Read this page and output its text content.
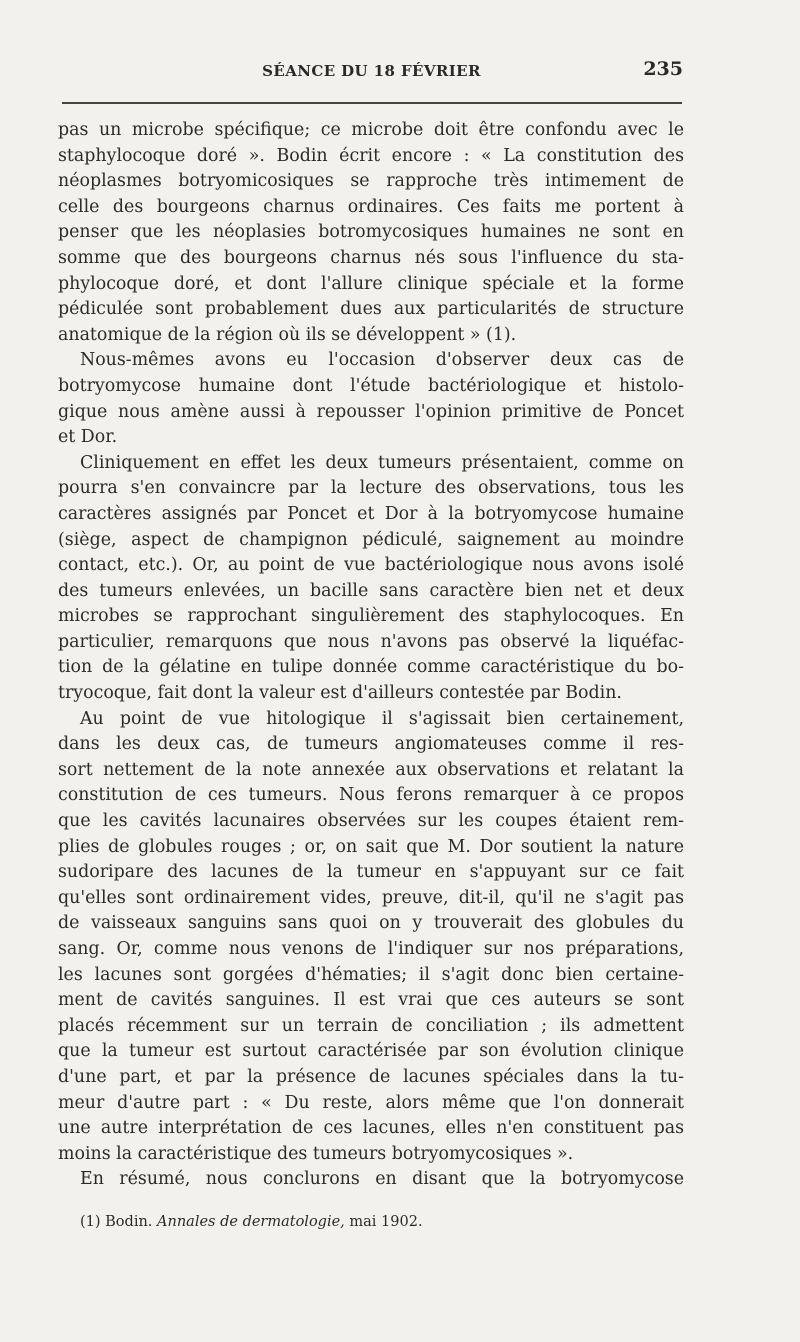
SÉANCE DU 18 FÉVRIER	235
pas un microbe spécifique; ce microbe doit être confondu avec le
staphylocoque doré ». Bodin écrit encore : « La constitution des
néoplasmes botryomicosiques se rapproche très intimement de
celle des bourgeons charnus ordinaires. Ces faits me portent à
penser que les néoplasies botromycosiques humaines ne sont en
somme que des bourgeons charnus nés sous l'influence du sta-
phylocoque doré, et dont l'allure clinique spéciale et la forme
pédiculée sont probablement dues aux particularités de structure
anatomique de la région où ils se développent » (1).
Nous-mêmes avons eu l'occasion d'observer deux cas de
botryomycose humaine dont l'étude bactériologique et histolo-
gique nous amène aussi à repousser l'opinion primitive de Poncet
et Dor.
Cliniquement en effet les deux tumeurs présentaient, comme on
pourra s'en convaincre par la lecture des observations, tous les
caractères assignés par Poncet et Dor à la botryomycose humaine
(siège, aspect de champignon pédiculé, saignement au moindre
contact, etc.). Or, au point de vue bactériologique nous avons isolé
des tumeurs enlevées, un bacille sans caractère bien net et deux
microbes se rapprochant singulièrement des staphylocoques. En
particulier, remarquons que nous n'avons pas observé la liquéfac-
tion de la gélatine en tulipe donnée comme caractéristique du bo-
tryocoque, fait dont la valeur est d'ailleurs contestée par Bodin.
Au point de vue hitologique il s'agissait bien certainement,
dans les deux cas, de tumeurs angiomateuses comme il res-
sort nettement de la note annexée aux observations et relatant la
constitution de ces tumeurs. Nous ferons remarquer à ce propos
que les cavités lacunaires observées sur les coupes étaient rem-
plies de globules rouges ; or, on sait que M. Dor soutient la nature
sudoripare des lacunes de la tumeur en s'appuyant sur ce fait
qu'elles sont ordinairement vides, preuve, dit-il, qu'il ne s'agit pas
de vaisseaux sanguins sans quoi on y trouverait des globules du
sang. Or, comme nous venons de l'indiquer sur nos préparations,
les lacunes sont gorgées d'hématies; il s'agit donc bien certaine-
ment de cavités sanguines. Il est vrai que ces auteurs se sont
placés récemment sur un terrain de conciliation ; ils admettent
que la tumeur est surtout caractérisée par son évolution clinique
d'une part, et par la présence de lacunes spéciales dans la tu-
meur d'autre part : « Du reste, alors même que l'on donnerait
une autre interprétation de ces lacunes, elles n'en constituent pas
moins la caractéristique des tumeurs botryomycosiques ».
En résumé, nous conclurons en disant que la botryomycose
(1) Bodin. Annales de dermatologie, mai 1902.
